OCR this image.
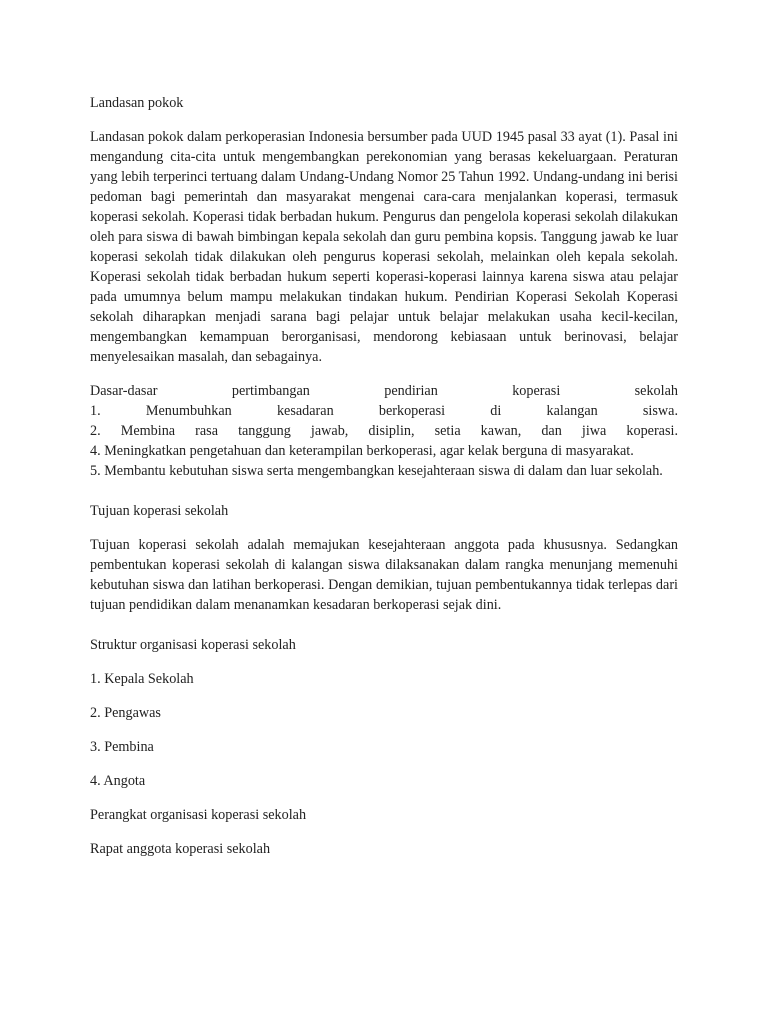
Landasan pokok

Landasan pokok dalam perkoperasian Indonesia bersumber pada UUD 1945 pasal 33 ayat (1). Pasal ini mengandung cita-cita untuk mengembangkan perekonomian yang berasas kekeluargaan. Peraturan yang lebih terperinci tertuang dalam Undang-Undang Nomor 25 Tahun 1992. Undang-undang ini berisi pedoman bagi pemerintah dan masyarakat mengenai cara-cara menjalankan koperasi, termasuk koperasi sekolah. Koperasi tidak berbadan hukum. Pengurus dan pengelola koperasi sekolah dilakukan oleh para siswa di bawah bimbingan kepala sekolah dan guru pembina kopsis. Tanggung jawab ke luar koperasi sekolah tidak dilakukan oleh pengurus koperasi sekolah, melainkan oleh kepala sekolah. Koperasi sekolah tidak berbadan hukum seperti koperasi-koperasi lainnya karena siswa atau pelajar pada umumnya belum mampu melakukan tindakan hukum. Pendirian Koperasi Sekolah Koperasi sekolah diharapkan menjadi sarana bagi pelajar untuk belajar melakukan usaha kecil-kecilan, mengembangkan kemampuan berorganisasi, mendorong kebiasaan untuk berinovasi, belajar menyelesaikan masalah, dan sebagainya.

Dasar-dasar pertimbangan pendirian koperasi sekolah
1. Menumbuhkan kesadaran berkoperasi di kalangan siswa.
2. Membina rasa tanggung jawab, disiplin, setia kawan, dan jiwa koperasi.
4. Meningkatkan pengetahuan dan keterampilan berkoperasi, agar kelak berguna di masyarakat.
5. Membantu kebutuhan siswa serta mengembangkan kesejahteraan siswa di dalam dan luar sekolah.

Tujuan koperasi sekolah

Tujuan koperasi sekolah adalah memajukan kesejahteraan anggota pada khususnya. Sedangkan pembentukan koperasi sekolah di kalangan siswa dilaksanakan dalam rangka menunjang memenuhi kebutuhan siswa dan latihan berkoperasi. Dengan demikian, tujuan pembentukannya tidak terlepas dari tujuan pendidikan dalam menanamkan kesadaran berkoperasi sejak dini.

Struktur organisasi koperasi sekolah

1. Kepala Sekolah

2. Pengawas

3. Pembina

4. Angota

Perangkat organisasi koperasi sekolah

Rapat anggota koperasi sekolah
